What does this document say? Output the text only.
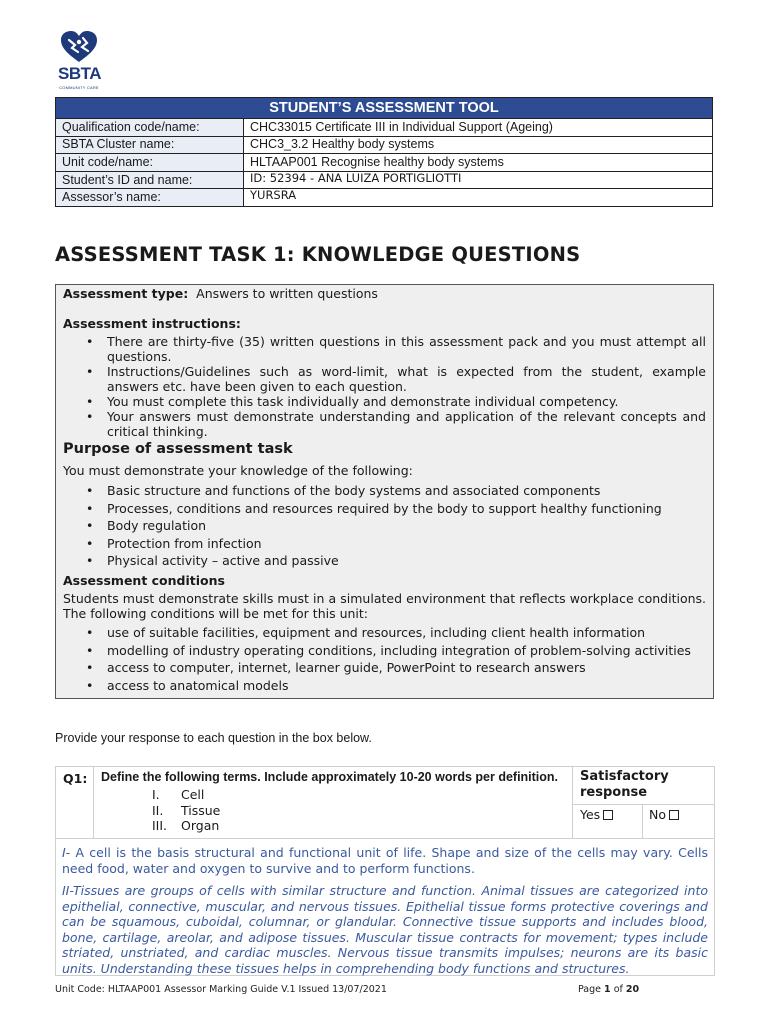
SBTA
COMMUNITY CARE
STUDENT’S ASSESSMENT TOOL	
Qualification code/name:	CHC33015 Certificate III in Individual Support (Ageing)
SBTA Cluster name:	CHC3_3.2 Healthy body systems
Unit code/name:	HLTAAP001 Recognise healthy body systems
Student’s ID and name:	ID: 52394 - ANA LUIZA PORTIGLIOTTI
Assessor’s name:	YURSRA
ASSESSMENT TASK 1: KNOWLEDGE QUESTIONS
Assessment type: Answers to written questions
Assessment instructions:
• There are thirty-five (35) written questions in this assessment pack and you must attempt all questions.
• Instructions/Guidelines such as word-limit, what is expected from the student, example answers etc. have been given to each question.
• You must complete this task individually and demonstrate individual competency.
• Your answers must demonstrate understanding and application of the relevant concepts and critical thinking.
Purpose of assessment task
You must demonstrate your knowledge of the following:
• Basic structure and functions of the body systems and associated components
• Processes, conditions and resources required by the body to support healthy functioning
• Body regulation
• Protection from infection
• Physical activity – active and passive
Assessment conditions
Students must demonstrate skills must in a simulated environment that reflects workplace conditions. The following conditions will be met for this unit:
• use of suitable facilities, equipment and resources, including client health information
• modelling of industry operating conditions, including integration of problem-solving activities
• access to computer, internet, learner guide, PowerPoint to research answers
• access to anatomical models
Provide your response to each question in the box below.
Q1: Define the following terms. Include approximately 10-20 words per definition.
I. Cell
II. Tissue
III. Organ
Satisfactory response
Yes	No
I- A cell is the basis structural and functional unit of life. Shape and size of the cells may vary. Cells need food, water and oxygen to survive and to perform functions.
II-Tissues are groups of cells with similar structure and function. Animal tissues are categorized into epithelial, connective, muscular, and nervous tissues. Epithelial tissue forms protective coverings and can be squamous, cuboidal, columnar, or glandular. Connective tissue supports and includes blood, bone, cartilage, areolar, and adipose tissues. Muscular tissue contracts for movement; types include striated, unstriated, and cardiac muscles. Nervous tissue transmits impulses; neurons are its basic units. Understanding these tissues helps in comprehending body functions and structures.
Unit Code: HLTAAP001 Assessor Marking Guide V.1 Issued 13/07/2021	Page 1 of 20
